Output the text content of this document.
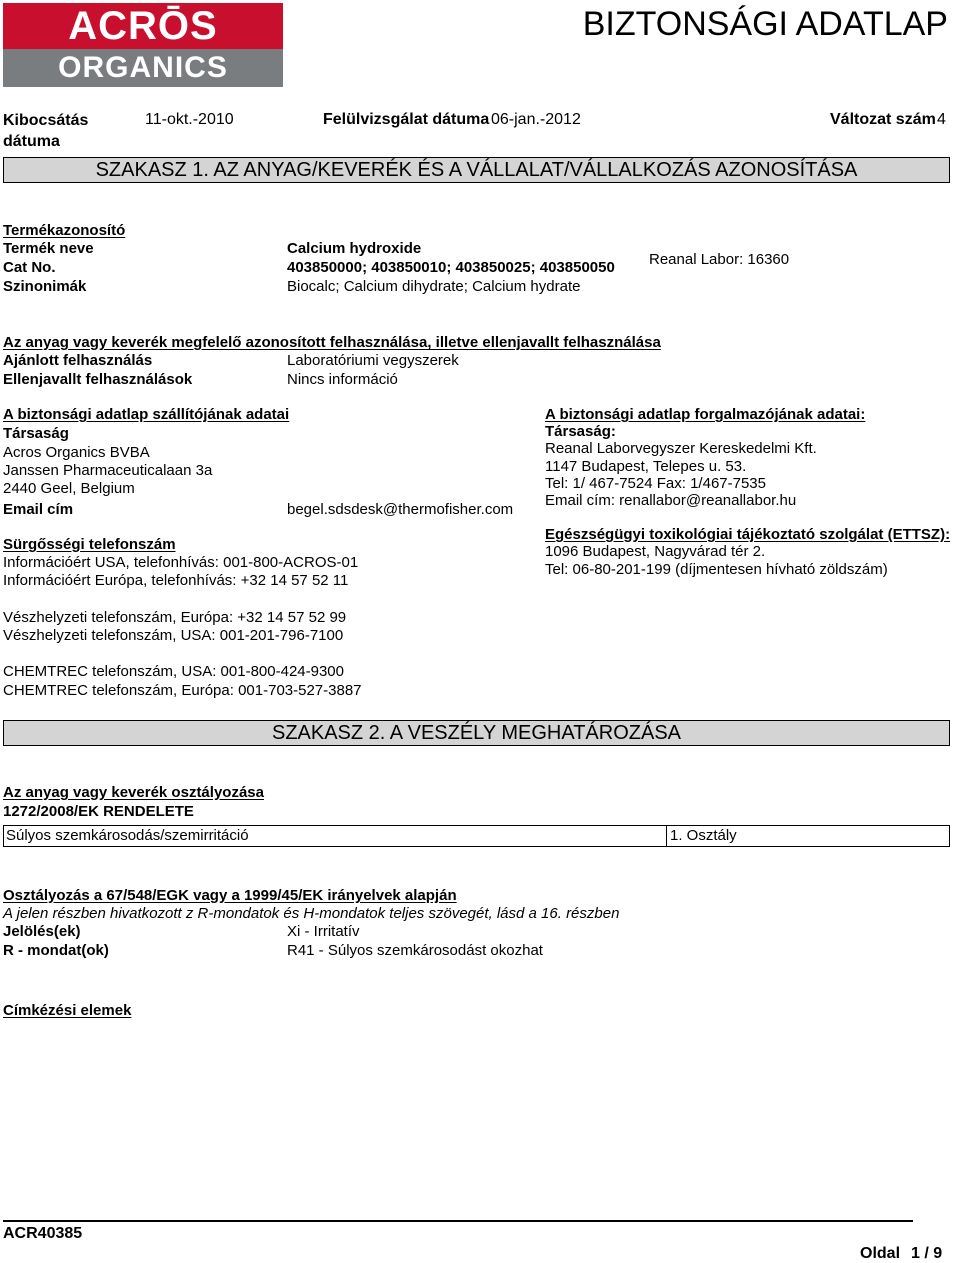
ACRŌS
ORGANICS
BIZTONSÁGI ADATLAP
Kibocsátás
dátuma
11-okt.-2010	Felülvizsgálat dátuma 06-jan.-2012	Változat szám 4
SZAKASZ 1. AZ ANYAG/KEVERÉK ÉS A VÁLLALAT/VÁLLALKOZÁS AZONOSÍTÁSA
Termékazonosító
Termék neve	Calcium hydroxide
Cat No.	403850000; 403850010; 403850025; 403850050
Szinonimák	Biocalc; Calcium dihydrate; Calcium hydrate
Reanal Labor: 16360
Az anyag vagy keverék megfelelő azonosított felhasználása, illetve ellenjavallt felhasználása
Ajánlott felhasználás	Laboratóriumi vegyszerek
Ellenjavallt felhasználások	Nincs információ
A biztonsági adatlap szállítójának adatai
Társaság
Acros Organics BVBA
Janssen Pharmaceuticalaan 3a
2440 Geel, Belgium
Email cím	begel.sdsdesk@thermofisher.com
Sürgősségi telefonszám
Információért USA, telefonhívás: 001-800-ACROS-01
Információért Európa, telefonhívás: +32 14 57 52 11
Vészhelyzeti telefonszám, Európa: +32 14 57 52 99
Vészhelyzeti telefonszám, USA: 001-201-796-7100
CHEMTREC telefonszám, USA: 001-800-424-9300
CHEMTREC telefonszám, Európa: 001-703-527-3887
A biztonsági adatlap forgalmazójának adatai:
Társaság:
Reanal Laborvegyszer Kereskedelmi Kft.
1147 Budapest, Telepes u. 53.
Tel: 1/ 467-7524 Fax: 1/467-7535
Email cím: renallabor@reanallabor.hu
Egészségügyi toxikológiai tájékoztató szolgálat (ETTSZ):
1096 Budapest, Nagyvárad tér 2.
Tel: 06-80-201-199 (díjmentesen hívható zöldszám)
SZAKASZ 2. A VESZÉLY MEGHATÁROZÁSA
Az anyag vagy keverék osztályozása
1272/2008/EK RENDELETE
Súlyos szemkárosodás/szemirritáció	1. Osztály
Osztályozás a 67/548/EGK vagy a 1999/45/EK irányelvek alapján
A jelen részben hivatkozott z R-mondatok és H-mondatok teljes szövegét, lásd a 16. részben
Jelölés(ek)	Xi - Irritatív
R - mondat(ok)	R41 - Súlyos szemkárosodást okozhat
Címkézési elemek
ACR40385
Oldal 1 / 9
